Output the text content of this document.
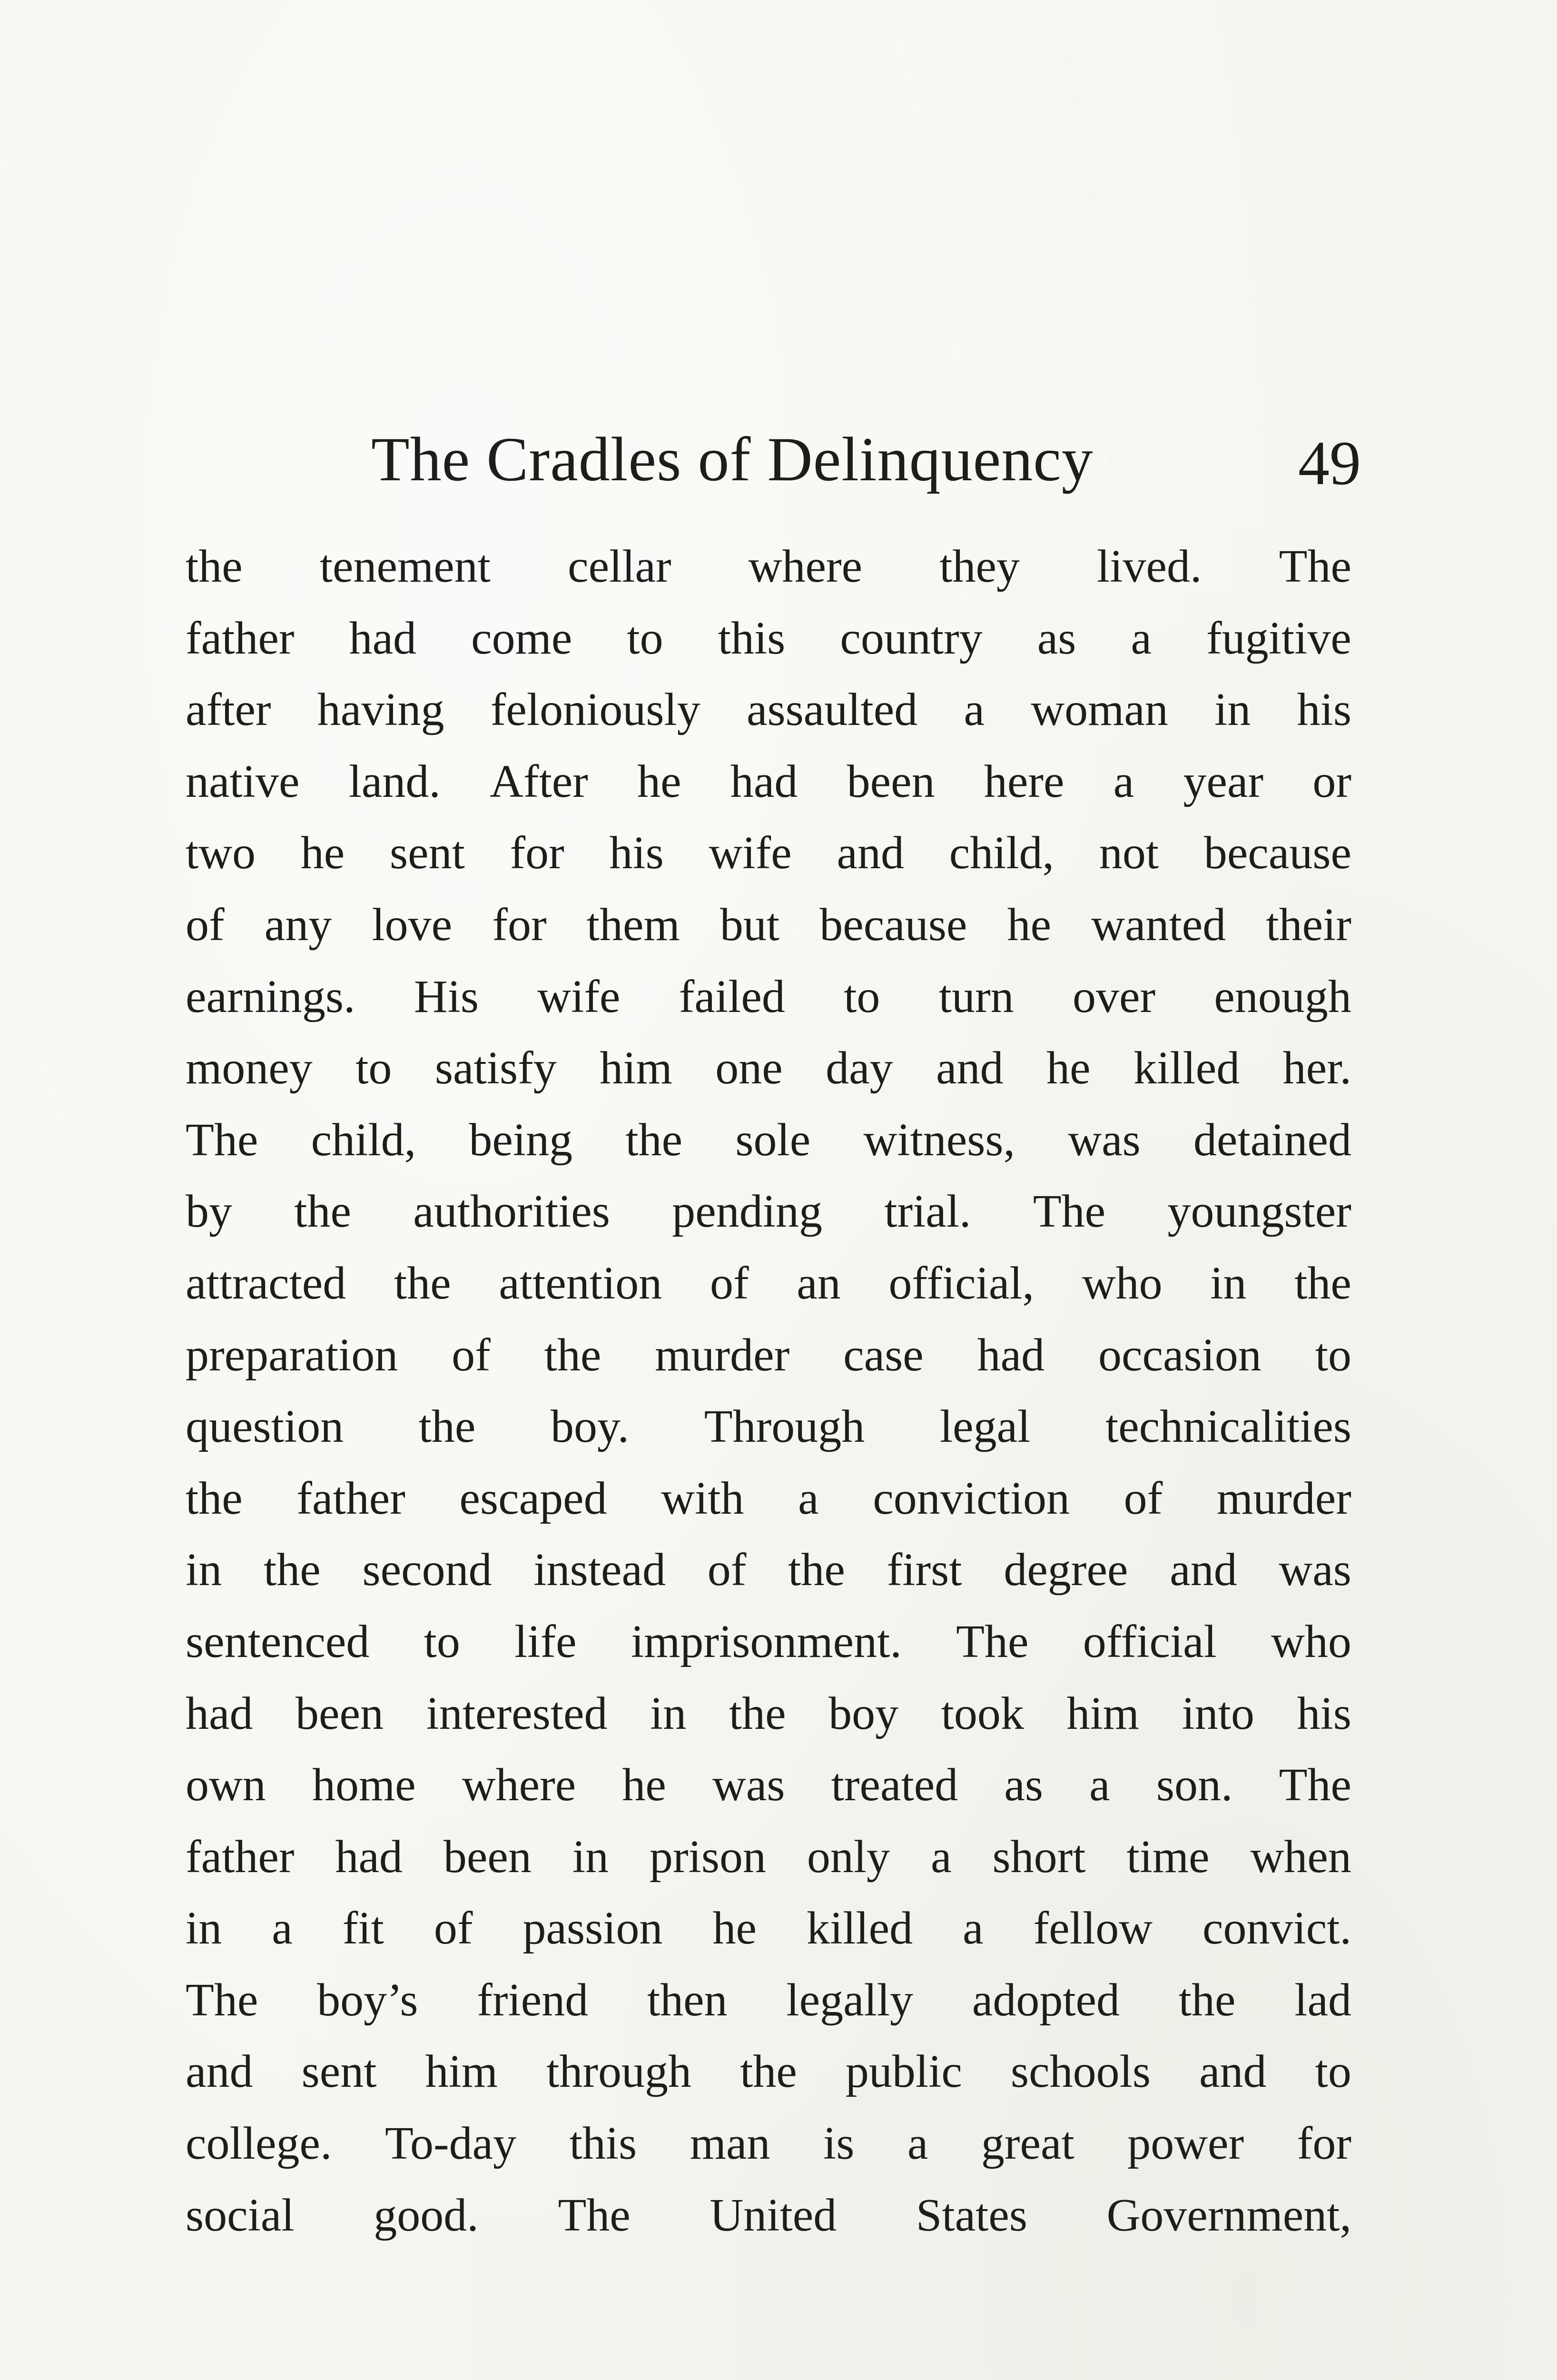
The Cradles of Delinquency	49
the tenement cellar where they lived. The
father had come to this country as a fugitive
after having feloniously assaulted a woman in his
native land. After he had been here a year or
two he sent for his wife and child, not because
of any love for them but because he wanted their
earnings. His wife failed to turn over enough
money to satisfy him one day and he killed her.
The child, being the sole witness, was detained
by the authorities pending trial. The youngster
attracted the attention of an official, who in the
preparation of the murder case had occasion to
question the boy. Through legal technicalities
the father escaped with a conviction of murder
in the second instead of the first degree and was
sentenced to life imprisonment. The official who
had been interested in the boy took him into his
own home where he was treated as a son. The
father had been in prison only a short time when
in a fit of passion he killed a fellow convict.
The boy’s friend then legally adopted the lad
and sent him through the public schools and to
college. To-day this man is a great power for
social good. The United States Government,
